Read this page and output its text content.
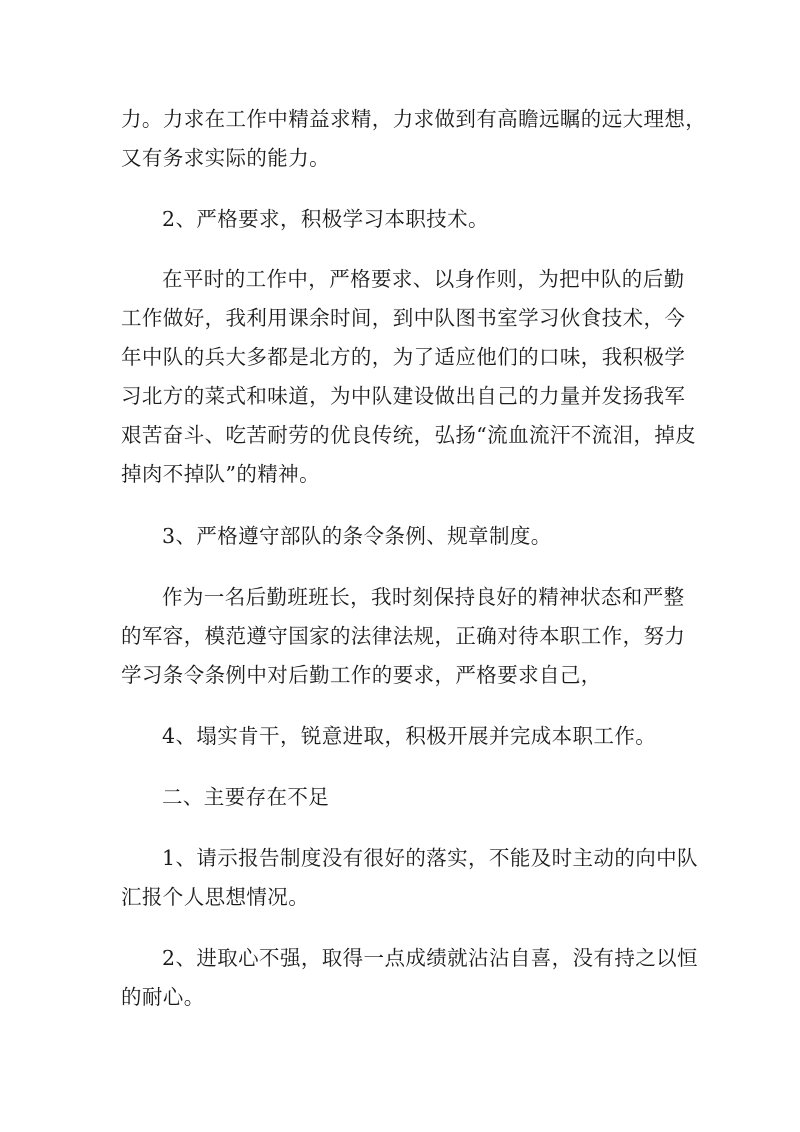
力。力求在工作中精益求精，力求做到有高瞻远瞩的远大理想，
又有务求实际的能力。
2、严格要求，积极学习本职技术。
在平时的工作中，严格要求、以身作则，为把中队的后勤
工作做好，我利用课余时间，到中队图书室学习伙食技术，今
年中队的兵大多都是北方的，为了适应他们的口味，我积极学
习北方的菜式和味道，为中队建设做出自己的力量并发扬我军
艰苦奋斗、吃苦耐劳的优良传统，弘扬“流血流汗不流泪，掉皮
掉肉不掉队”的精神。
3、严格遵守部队的条令条例、规章制度。
作为一名后勤班班长，我时刻保持良好的精神状态和严整
的军容，模范遵守国家的法律法规，正确对待本职工作，努力
学习条令条例中对后勤工作的要求，严格要求自己，
4、塌实肯干，锐意进取，积极开展并完成本职工作。
二、主要存在不足
1、请示报告制度没有很好的落实，不能及时主动的向中队
汇报个人思想情况。
2、进取心不强，取得一点成绩就沾沾自喜，没有持之以恒
的耐心。
